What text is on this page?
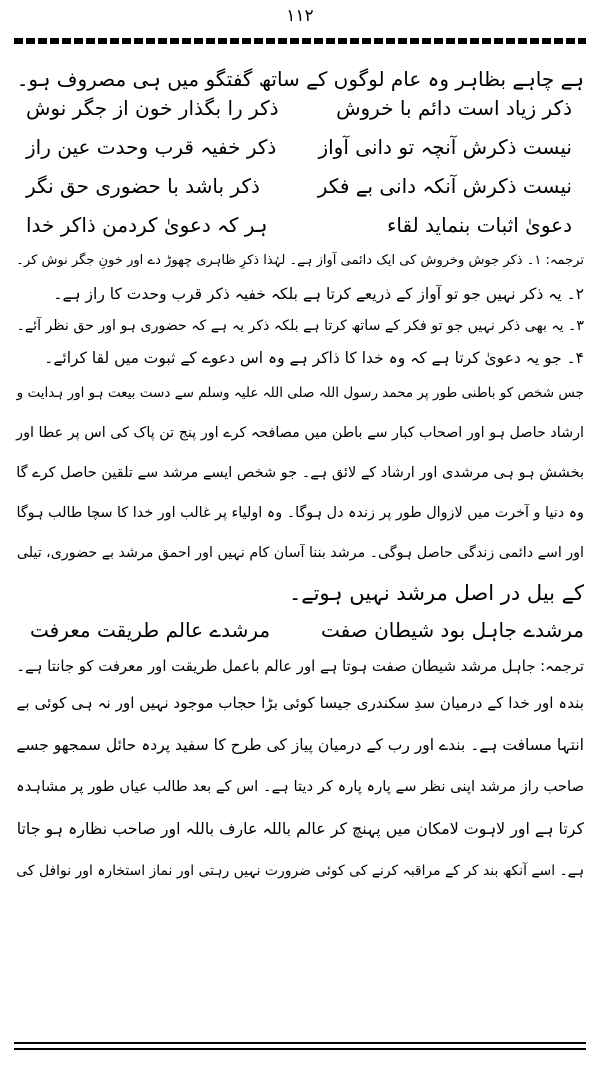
۱۱۲
ہے چاہے بظاہر وہ عام لوگوں کے ساتھ گفتگو میں ہی مصروف ہو۔
ذکر زیاد است دائم با خروش
ذکر را بگذار خون از جگر نوش
نیست ذکرش آنچہ تو دانی آواز
ذکر خفیہ قرب وحدت عین راز
نیست ذکرش آنکہ دانی بے فکر
ذکر باشد با حضوری حق نگر
دعویٰ اثبات بنماید لقاء
ہر کہ دعویٰ کردمن ذاکر خدا
ترجمہ: ۱۔ ذکر جوش وخروش کی ایک دائمی آواز ہے۔ لہٰذا ذکرِ ظاہری چھوڑ دے اور خونِ جگر نوش کر۔
۲۔ یہ ذکر نہیں جو تو آواز کے ذریعے کرتا ہے بلکہ خفیہ ذکر قرب وحدت کا راز ہے۔
۳۔ یہ بھی ذکر نہیں جو تو فکر کے ساتھ کرتا ہے بلکہ ذکر یہ ہے کہ حضوری ہو اور حق نظر آئے۔
۴۔ جو یہ دعویٰ کرتا ہے کہ وہ خدا کا ذاکر ہے وہ اس دعوے کے ثبوت میں لقا کرائے۔
جس شخص کو باطنی طور پر محمد رسول اللہ صلی اللہ علیہ وسلم سے دست بیعت ہو اور ہدایت و
ارشاد حاصل ہو اور اصحاب کبار سے باطن میں مصافحہ کرے اور پنج تن پاک کی اس پر عطا اور
بخشش ہو ہی مرشدی اور ارشاد کے لائق ہے۔ جو شخص ایسے مرشد سے تلقین حاصل کرے گا
وہ دنیا و آخرت میں لازوال طور پر زندہ دل ہوگا۔ وہ اولیاء پر غالب اور خدا کا سچا طالب ہوگا
اور اسے دائمی زندگی حاصل ہوگی۔ مرشد بننا آسان کام نہیں اور احمق مرشد بے حضوری، تیلی
کے بیل در اصل مرشد نہیں ہوتے۔
مرشدے جاہل بود شیطان صفت
مرشدے عالم طریقت معرفت
ترجمہ: جاہل مرشد شیطان صفت ہوتا ہے اور عالم باعمل طریقت اور معرفت کو جانتا ہے۔
بندہ اور خدا کے درمیان سدِ سکندری جیسا کوئی بڑا حجاب موجود نہیں اور نہ ہی کوئی بے
انتہا مسافت ہے۔ بندے اور رب کے درمیان پیاز کی طرح کا سفید پردہ حائل سمجھو جسے
صاحب راز مرشد اپنی نظر سے پارہ پارہ کر دیتا ہے۔ اس کے بعد طالب عیاں طور پر مشاہدہ
کرتا ہے اور لاہوت لامکان میں پہنچ کر عالم باللہ عارف باللہ اور صاحب نظارہ ہو جاتا
ہے۔ اسے آنکھ بند کر کے مراقبہ کرنے کی کوئی ضرورت نہیں رہتی اور نماز استخارہ اور نوافل کی
